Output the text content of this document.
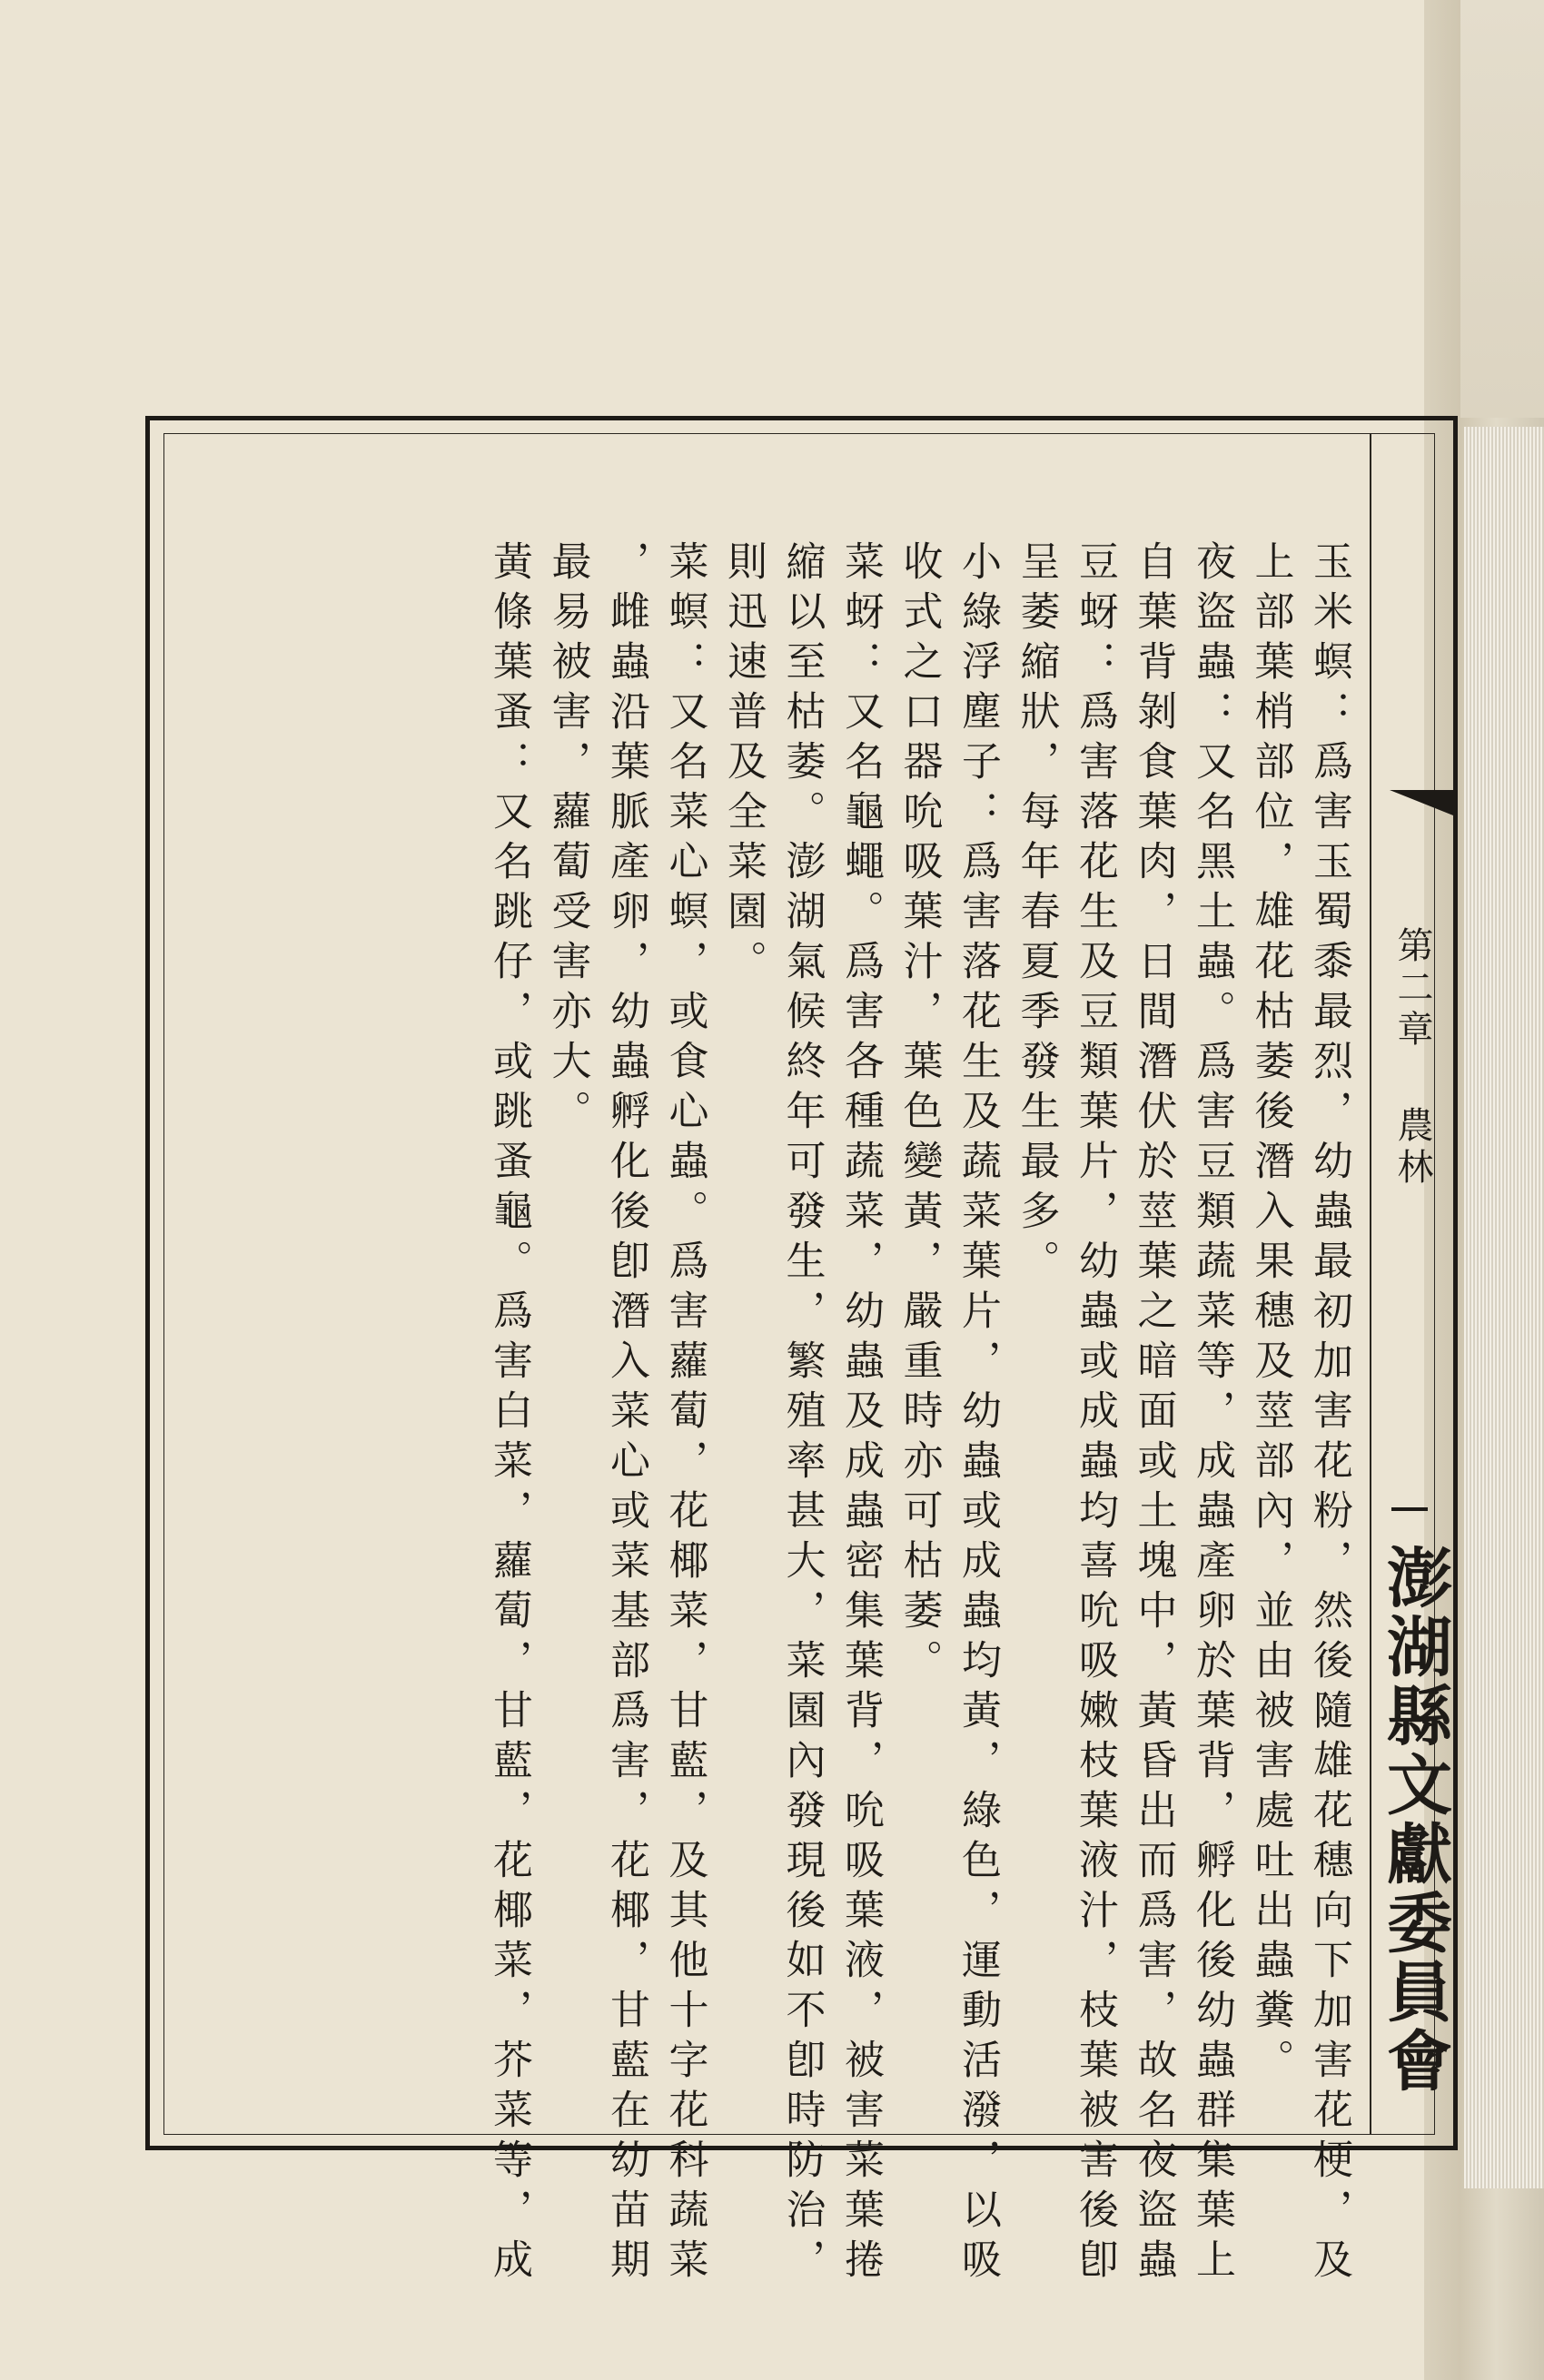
第二章農林
澎湖縣文獻委員會
玉米螟：爲害玉蜀黍最烈，幼蟲最初加害花粉，然後隨雄花穗向下加害花梗，及
上部葉梢部位，雄花枯萎後潛入果穗及莖部內，並由被害處吐出蟲糞。
夜盜蟲：又名黑土蟲。爲害豆類蔬菜等，成蟲產卵於葉背，孵化後幼蟲群集葉上
自葉背剝食葉肉，日間潛伏於莖葉之暗面或土塊中，黃昏出而爲害，故名夜盜蟲
豆蚜：爲害落花生及豆類葉片，幼蟲或成蟲均喜吮吸嫩枝葉液汁，枝葉被害後卽
呈萎縮狀，每年春夏季發生最多。
小綠浮塵子：爲害落花生及蔬菜葉片，幼蟲或成蟲均黃，綠色，運動活潑，以吸
收式之口器吮吸葉汁，葉色變黃，嚴重時亦可枯萎。
菜蚜：又名龜蠅。爲害各種蔬菜，幼蟲及成蟲密集葉背，吮吸葉液，被害菜葉捲
縮以至枯萎。澎湖氣候終年可發生，繁殖率甚大，菜園內發現後如不卽時防治，
則迅速普及全菜園。
菜螟：又名菜心螟，或食心蟲。爲害蘿蔔，花椰菜，甘藍，及其他十字花科蔬菜
，雌蟲沿葉脈產卵，幼蟲孵化後卽潛入菜心或菜基部爲害，花椰，甘藍在幼苗期
最易被害，蘿蔔受害亦大。
黃條葉蚤：又名跳仔，或跳蚤龜。爲害白菜，蘿蔔，甘藍，花椰菜，芥菜等，成
